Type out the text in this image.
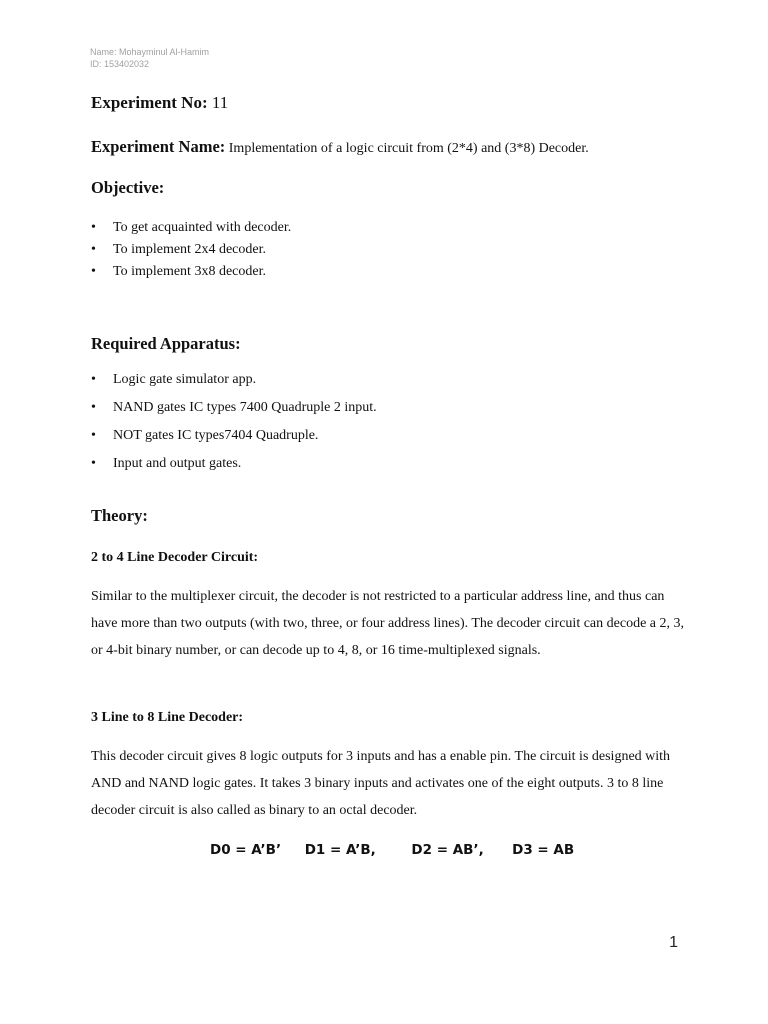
Name: Mohayminul Al-Hamim
ID: 153402032
Experiment No: 11
Experiment Name: Implementation of a logic circuit from (2*4) and (3*8) Decoder.
Objective:
• To get acquainted with decoder.
• To implement 2x4 decoder.
• To implement 3x8 decoder.
Required Apparatus:
• Logic gate simulator app.
• NAND gates IC types 7400 Quadruple 2 input.
• NOT gates IC types7404 Quadruple.
• Input and output gates.
Theory:
2 to 4 Line Decoder Circuit:
Similar to the multiplexer circuit, the decoder is not restricted to a particular address line, and thus can have more than two outputs (with two, three, or four address lines). The decoder circuit can decode a 2, 3, or 4-bit binary number, or can decode up to 4, 8, or 16 time-multiplexed signals.
3 Line to 8 Line Decoder:
This decoder circuit gives 8 logic outputs for 3 inputs and has a enable pin. The circuit is designed with AND and NAND logic gates. It takes 3 binary inputs and activates one of the eight outputs. 3 to 8 line decoder circuit is also called as binary to an octal decoder.
D0 = A’B’ D1 = A’B,	D2 = AB’, D3 = AB
1
